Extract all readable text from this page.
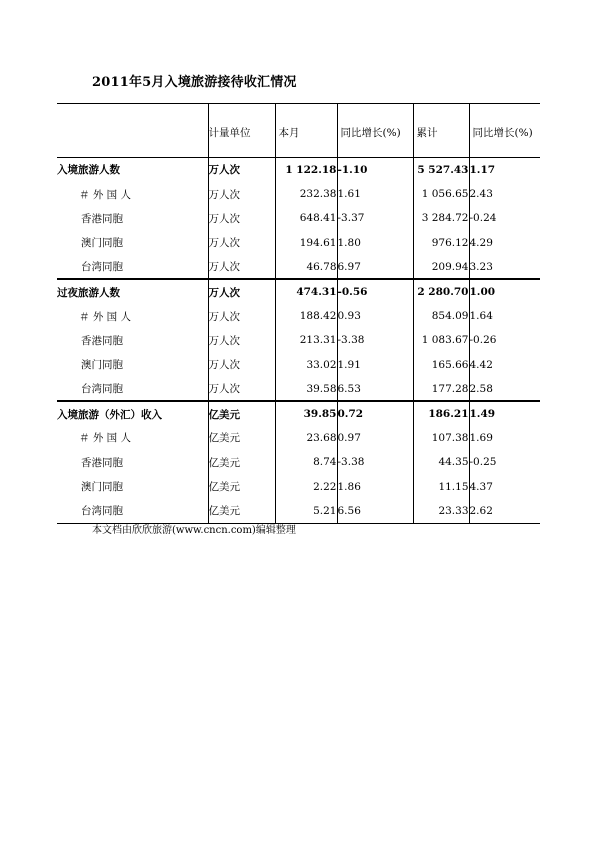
2011年5月入境旅游接待收汇情况
	计量单位	本月	同比增长(%)	累计	同比增长(%)
入境旅游人数	万人次	1 122.18	-1.10	5 527.43	1.17
＃ 外 国 人	万人次	232.38	1.61	1 056.65	2.43
香港同胞	万人次	648.41	-3.37	3 284.72	-0.24
澳门同胞	万人次	194.61	1.80	976.12	4.29
台湾同胞	万人次	46.78	6.97	209.94	3.23
过夜旅游人数	万人次	474.31	-0.56	2 280.70	1.00
＃ 外 国 人	万人次	188.42	0.93	854.09	1.64
香港同胞	万人次	213.31	-3.38	1 083.67	-0.26
澳门同胞	万人次	33.02	1.91	165.66	4.42
台湾同胞	万人次	39.58	6.53	177.28	2.58
入境旅游（外汇）收入	亿美元	39.85	0.72	186.21	1.49
＃ 外 国 人	亿美元	23.68	0.97	107.38	1.69
香港同胞	亿美元	8.74	-3.38	44.35	-0.25
澳门同胞	亿美元	2.22	1.86	11.15	4.37
台湾同胞	亿美元	5.21	6.56	23.33	2.62
本文档由欣欣旅游(www.cncn.com)编辑整理
